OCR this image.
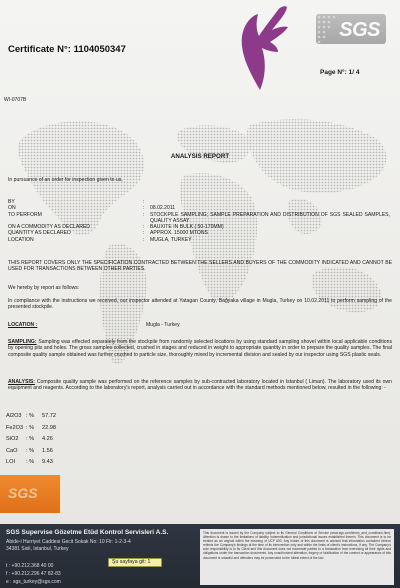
SGS
Certificate N°: 1104050347
Page N°: 1/ 4
WI-0707B
ANALYSIS REPORT
In pursuance of an order for inspection given to us,
BY	:
ON	: 08.02.2011
TO PERFORM	: STOCKPILE SAMPLING; SAMPLE PREPARATION AND DISTRIBUTION OF SGS SEALED SAMPLES, QUALITY ASSAY
ON A COMMODITY AS DECLARED	: BAUXITE IN BULK ( 50-170MM)
QUANTITY AS DECLARED	: APPROX. 15000 MTONS
LOCATION	: MUGLA, TURKEY
THIS REPORT COVERS ONLY THE SPECIFICATION CONTRACTED BETWEEN THE SELLERS AND BUYERS OF THE COMMODITY INDICATED AND CANNOT BE USED FOR TRANSACTIONS BETWEEN OTHER PARTIES.
We hereby by report as follows:
In compliance with the instructions we received, our inspector attended at Yatagan County, Bağyaka village in Mugla, Turkey on 10.02.2011 to perform sampling of the presented stockpile.
LOCATION :	Mugla - Turkey
SAMPLING: Sampling was effected separately from the stockpile from randomly selected locations by using standard sampling shovel within local applicable conditions by opening pits and holes. The gross samples collected, crushed in stages and reduced in weight to appropriate quantity in order to prepare the quality samples. The final composite quality sample obtained was further crushed to particle size, thoroughly mixed by incremental division and sealed by our inspector using SGS plastic seals.
ANALYSIS: Composite quality sample was performed on the reference samples by sub-contracted laboratory located in Istanbul ( Liman). The laboratory used its own equipment and reagents. According to the laboratory's report, analysis carried out in accordance with the standard methods mentioned below, resulted in the following: -
Al2O3 : % 57.72
Fe2O3 : % 22.98
SiO2 : % 4.26
CaO : % 1.56
LOI : % 9.43
SGS
SGS Supervise Gözetme Etüd Kontrol Servisleri A.S.
Abide-i Hurriyet Caddesi Gecit Sokak No: 10 Flr: 1-2-3-4
34381 Sisli, Istanbul, Turkey
t : +90.212.368 40 00
f : +90.212.296 47 82-83
e : sgs_turkey@sgs.com
Şu sayfaya git: 1
This document is issued by the Company subject to its General Conditions of Service (www.sgs.com/terms_and_conditions.htm). Attention is drawn to the limitations of liability, indemnification and jurisdictional issues established therein. This document is to be treated as an original within the meaning of UCP 600. Any holder of this document is advised that information contained hereon reflects the Company's findings at the time of its intervention only and within the limits of client's instructions, if any. The Company's sole responsibility is to its Client and this document does not exonerate parties to a transaction from exercising all their rights and obligations under the transaction documents. Any unauthorized alteration, forgery or falsification of the content or appearance of this document is unlawful and offenders may be prosecuted to the fullest extent of the law.
